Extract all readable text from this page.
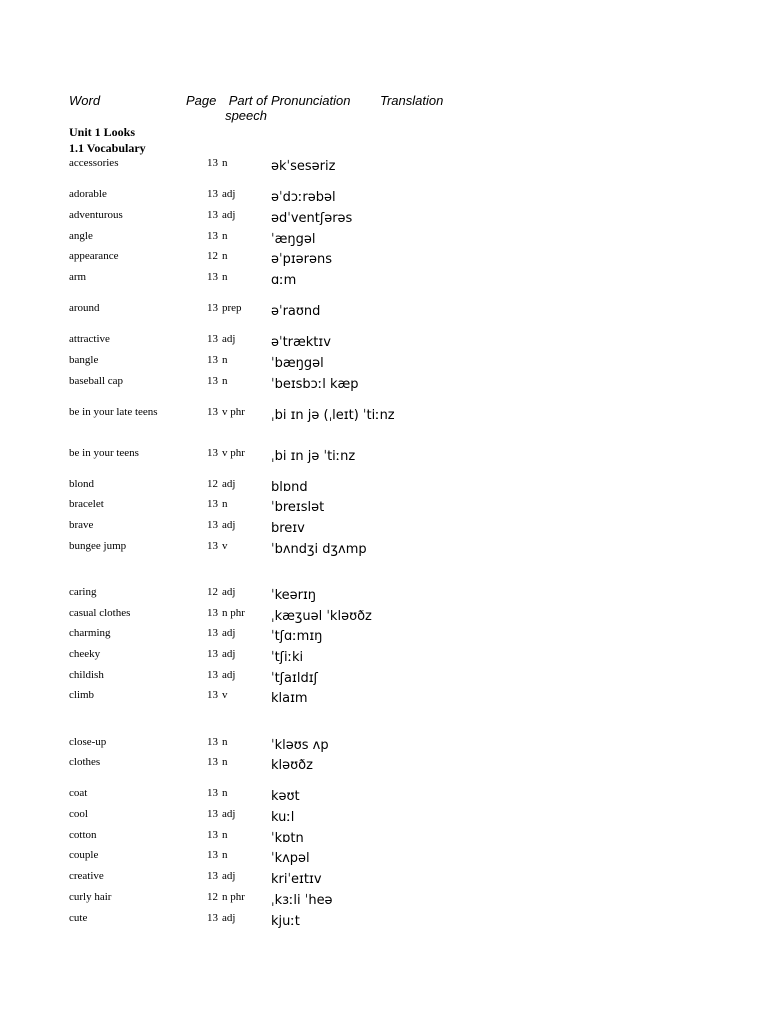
Word	Page Part of
speech
Pronunciation Translation
Unit 1 Looks
1.1 Vocabulary
accessories	13 n	əkˈsesəriz
adorable	13 adj	əˈdɔːrəbəl
adventurous	13 adj	ədˈventʃərəs
angle	13 n	ˈæŋgəl
appearance	12 n	əˈpɪərəns
arm	13 n	ɑːm
around	13 prep əˈraʊnd
attractive	13 adj	əˈtræktɪv
bangle	13 n	ˈbæŋgəl
baseball cap	13 n	ˈbeɪsbɔːl kæp
be in your late teens	13 v phr ˌbi ɪn jə (ˌleɪt) ˈtiːnz
be in your teens	13 v phr ˌbi ɪn jə ˈtiːnz
blond	12 adj	blɒnd
bracelet	13 n	ˈbreɪslət
brave	13 adj	breɪv
bungee jump	13 v	ˈbʌndʒi dʒʌmp
caring	12 adj	ˈkeərɪŋ
casual clothes	13 n phr ˌkæʒuəl ˈkləʊðz
charming	13 adj	ˈtʃɑːmɪŋ
cheeky	13 adj	ˈtʃiːki
childish	13 adj	ˈtʃaɪldɪʃ
climb	13 v	klaɪm
close-up	13 n	ˈkləʊs ʌp
clothes	13 n	kləʊðz
coat	13 n	kəʊt
cool	13 adj	kuːl
cotton	13 n	ˈkɒtn
couple	13 n	ˈkʌpəl
creative	13 adj	kriˈeɪtɪv
curly hair	12 n phr ˌkɜːli ˈheə
cute	13 adj	kjuːt
